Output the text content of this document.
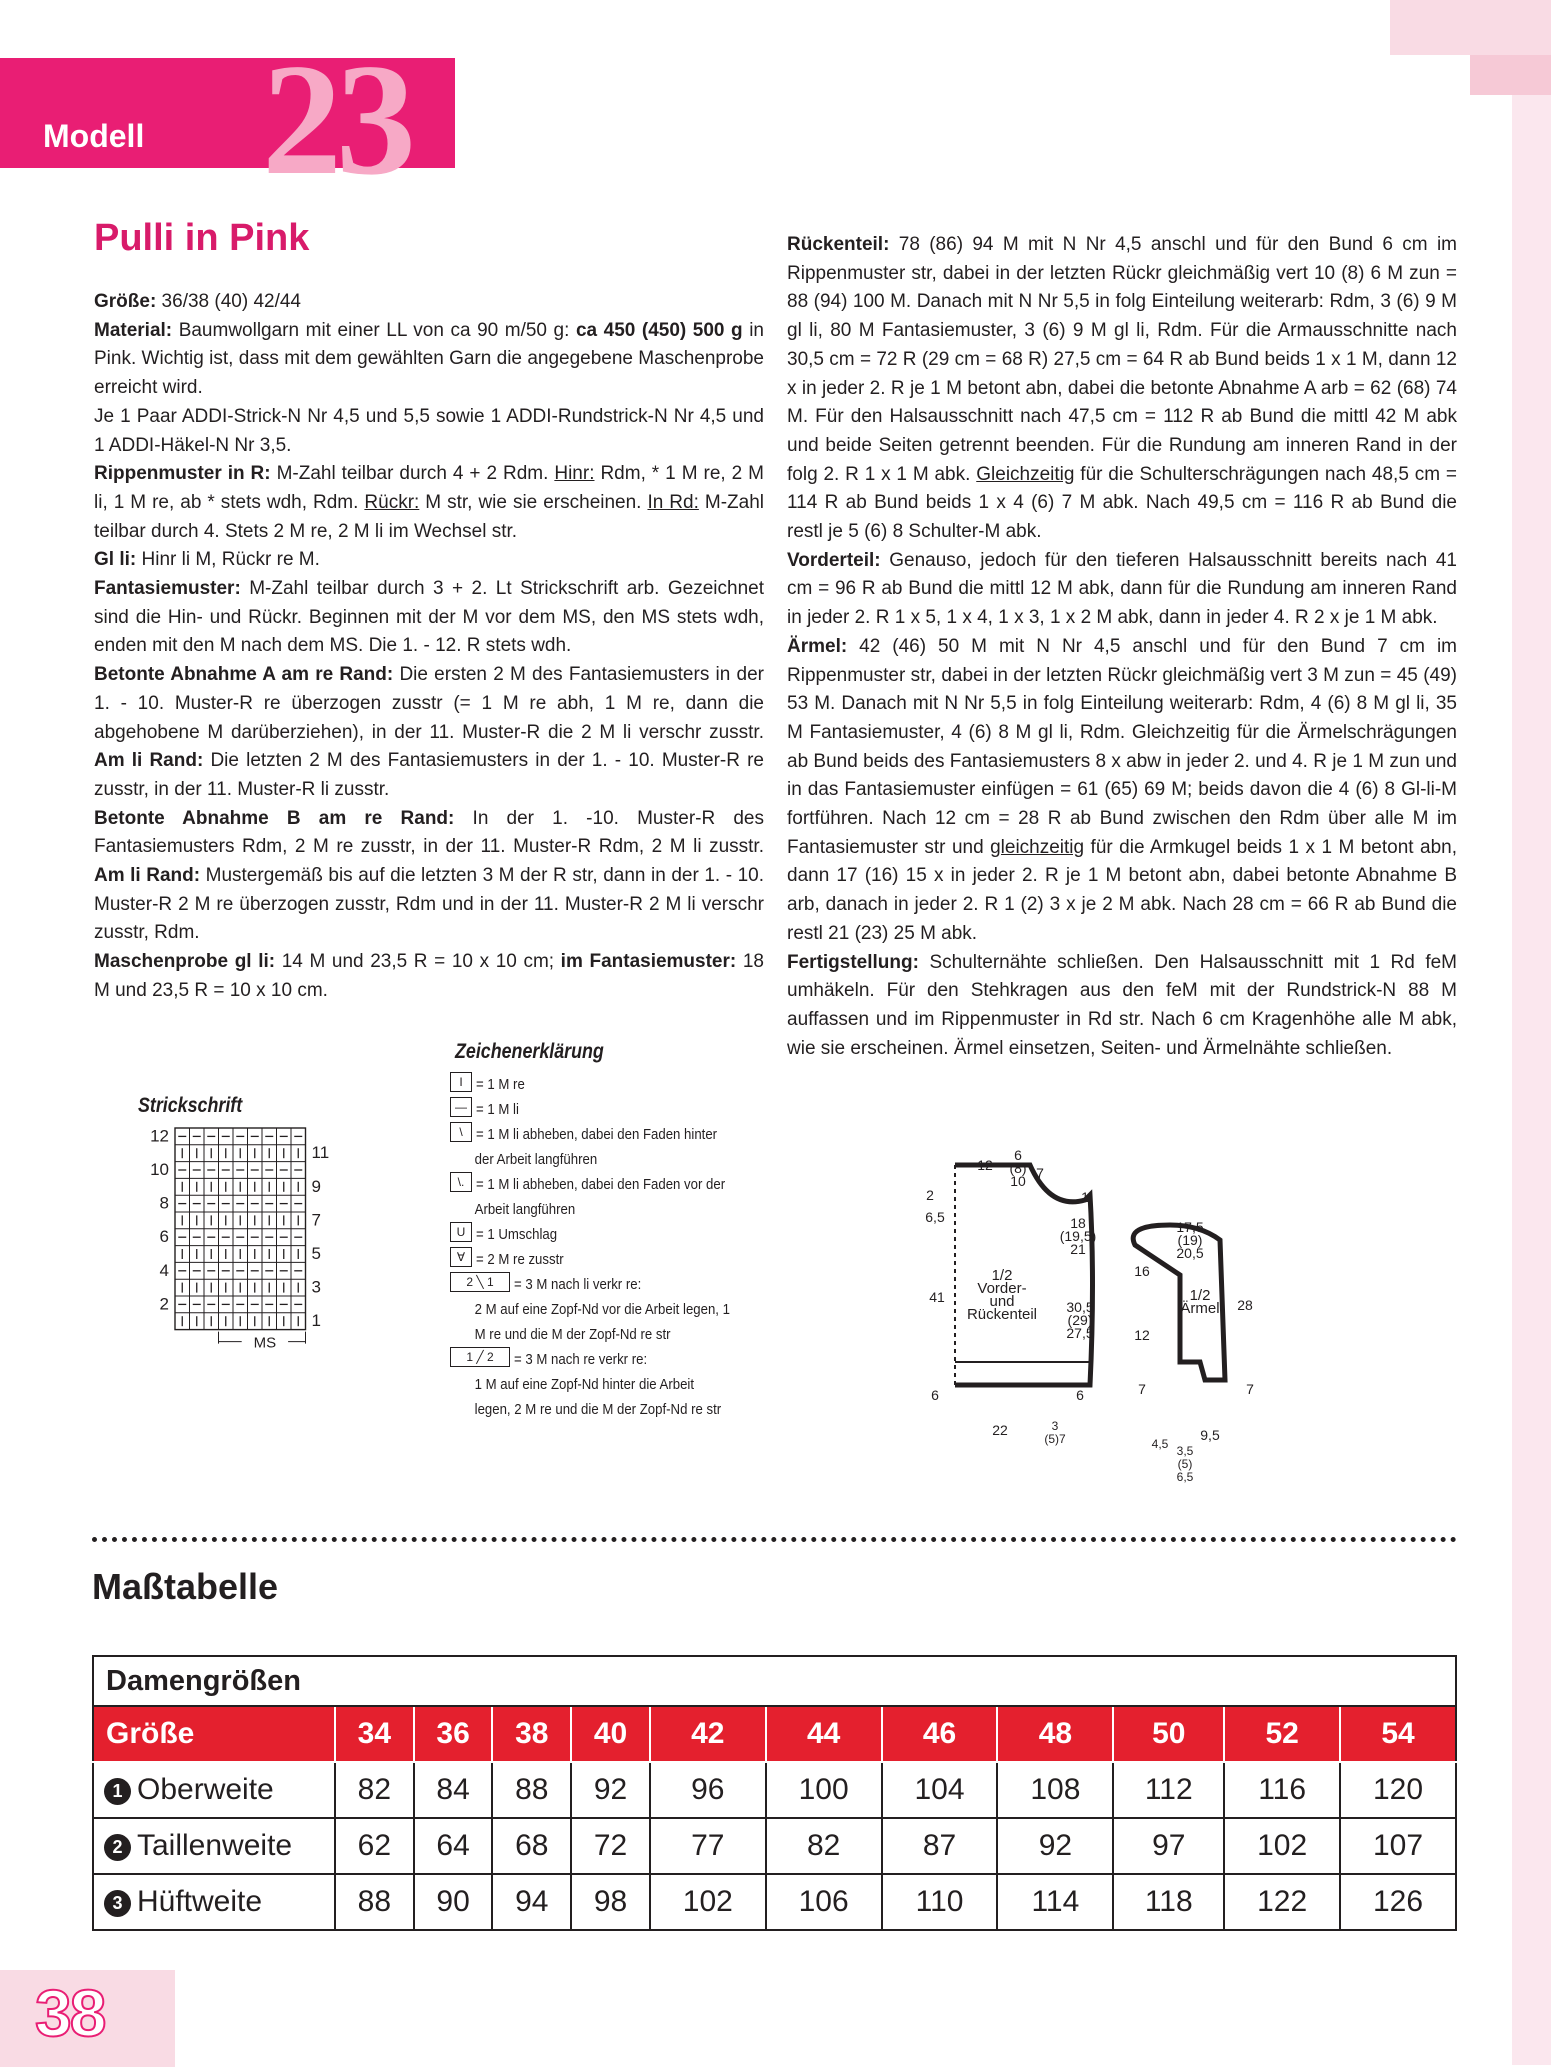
Modell 23
Pulli in Pink

Größe: 36/38 (40) 42/44

Material: Baumwollgarn mit einer LL von ca 90 m/50 g: ca 450 (450) 500 g in Pink. Wichtig ist, dass mit dem gewählten Garn die angegebene Maschenprobe erreicht wird.

Je 1 Paar ADDI-Strick-N Nr 4,5 und 5,5 sowie 1 ADDI-Rundstrick-N Nr 4,5 und 1 ADDI-Häkel-N Nr 3,5.

Rippenmuster in R: M-Zahl teilbar durch 4 + 2 Rdm. Hinr: Rdm, * 1 M re, 2 M li, 1 M re, ab * stets wdh, Rdm. Rückr: M str, wie sie erscheinen. In Rd: M-Zahl teilbar durch 4. Stets 2 M re, 2 M li im Wechsel str.

Gl li: Hinr li M, Rückr re M.

Fantasiemuster: M-Zahl teilbar durch 3 + 2. Lt Strickschrift arb. Gezeichnet sind die Hin- und Rückr. Beginnen mit der M vor dem MS, den MS stets wdh, enden mit den M nach dem MS. Die 1. - 12. R stets wdh.

Betonte Abnahme A am re Rand: Die ersten 2 M des Fantasiemusters in der 1. - 10. Muster-R re überzogen zusstr (= 1 M re abh, 1 M re, dann die abgehobene M darüberziehen), in der 11. Muster-R die 2 M li verschr zusstr. Am li Rand: Die letzten 2 M des Fantasiemusters in der 1. - 10. Muster-R re zusstr, in der 11. Muster-R li zusstr.

Betonte Abnahme B am re Rand: In der 1. -10. Muster-R des Fantasiemusters Rdm, 2 M re zusstr, in der 11. Muster-R Rdm, 2 M li zusstr. Am li Rand: Mustergemäß bis auf die letzten 3 M der R str, dann in der 1. - 10. Muster-R 2 M re überzogen zusstr, Rdm und in der 11. Muster-R 2 M li verschr zusstr, Rdm.

Maschenprobe gl li: 14 M und 23,5 R = 10 x 10 cm; im Fantasiemuster: 18 M und 23,5 R = 10 x 10 cm.

Rückenteil: 78 (86) 94 M mit N Nr 4,5 anschl und für den Bund 6 cm im Rippenmuster str, dabei in der letzten Rückr gleichmäßig vert 10 (8) 6 M zun = 88 (94) 100 M. Danach mit N Nr 5,5 in folg Einteilung weiterarb: Rdm, 3 (6) 9 M gl li, 80 M Fantasiemuster, 3 (6) 9 M gl li, Rdm. Für die Armausschnitte nach 30,5 cm = 72 R (29 cm = 68 R) 27,5 cm = 64 R ab Bund beids 1 x 1 M, dann 12 x in jeder 2. R je 1 M betont abn, dabei die betonte Abnahme A arb = 62 (68) 74 M. Für den Halsausschnitt nach 47,5 cm = 112 R ab Bund die mittl 42 M abk und beide Seiten getrennt beenden. Für die Rundung am inneren Rand in der folg 2. R 1 x 1 M abk. Gleichzeitig für die Schulterschrägungen nach 48,5 cm = 114 R ab Bund beids 1 x 4 (6) 7 M abk. Nach 49,5 cm = 116 R ab Bund die restl je 5 (6) 8 Schulter-M abk.

Vorderteil: Genauso, jedoch für den tieferen Halsausschnitt bereits nach 41 cm = 96 R ab Bund die mittl 12 M abk, dann für die Rundung am inneren Rand in jeder 2. R 1 x 5, 1 x 4, 1 x 3, 1 x 2 M abk, dann in jeder 4. R 2 x je 1 M abk.

Ärmel: 42 (46) 50 M mit N Nr 4,5 anschl und für den Bund 7 cm im Rippenmuster str, dabei in der letzten Rückr gleichmäßig vert 3 M zun = 45 (49) 53 M. Danach mit N Nr 5,5 in folg Einteilung weiterarb: Rdm, 4 (6) 8 M gl li, 35 M Fantasiemuster, 4 (6) 8 M gl li, Rdm. Gleichzeitig für die Ärmelschrägungen ab Bund beids des Fantasiemusters 8 x abw in jeder 2. und 4. R je 1 M zun und in das Fantasiemuster einfügen = 61 (65) 69 M; beids davon die 4 (6) 8 Gl-li-M fortführen. Nach 12 cm = 28 R ab Bund zwischen den Rdm über alle M im Fantasiemuster str und gleichzeitig für die Armkugel beids 1 x 1 M betont abn, dann 17 (16) 15 x in jeder 2. R je 1 M betont abn, dabei betonte Abnahme B arb, danach in jeder 2. R 1 (2) 3 x je 2 M abk. Nach 28 cm = 66 R ab Bund die restl 21 (23) 25 M abk.

Fertigstellung: Schulternähte schließen. Den Halsausschnitt mit 1 Rd feM umhäkeln. Für den Stehkragen aus den feM mit der Rundstrick-N 88 M auffassen und im Rippenmuster in Rd str. Nach 6 cm Kragenhöhe alle M abk, wie sie erscheinen. Ärmel einsetzen, Seiten- und Ärmelnähte schließen.

Strickschrift
12
10
8
6
4
2
11
9
7
5
3
1
MS
Zeichenerklärung
I = 1 M re
— = 1 M li
\ = 1 M li abheben, dabei den Faden hinter
der Arbeit langführen
\. = 1 M li abheben, dabei den Faden vor der
Arbeit langführen
U = 1 Umschlag
∀ = 2 M re zusstr
2 ╲ 1	= 3 M nach li verkr re:
2 M auf eine Zopf-Nd vor die Arbeit legen, 1
M re und die M der Zopf-Nd re str
1 ╱ 2	= 3 M nach re verkr re:
1 M auf eine Zopf-Nd hinter die Arbeit
legen, 2 M re und die M der Zopf-Nd re str
12
6
(8)
10 7
2
6,5
1
18
(19,5)
21
1/2
Vorder-
und
Rückenteil
41
30,5
(29)
27,5
6	6
22	3
(5)7
17,5
(19)
20,5
16
1/2
Ärmel 28
12
7	7
4,5
9,5
3,5
(5)
6,5
Maßtabelle
Damengrößen											
Größe	34	36	38	40	42	44	46	48	50	52	54
1 Oberweite	82	84	88	92	96	100	104	108	112	116	120
2 Taillenweite	62	64	68	72	77	82	87	92	97	102	107
3 Hüftweite	88	90	94	98	102	106	110	114	118	122	126
38
